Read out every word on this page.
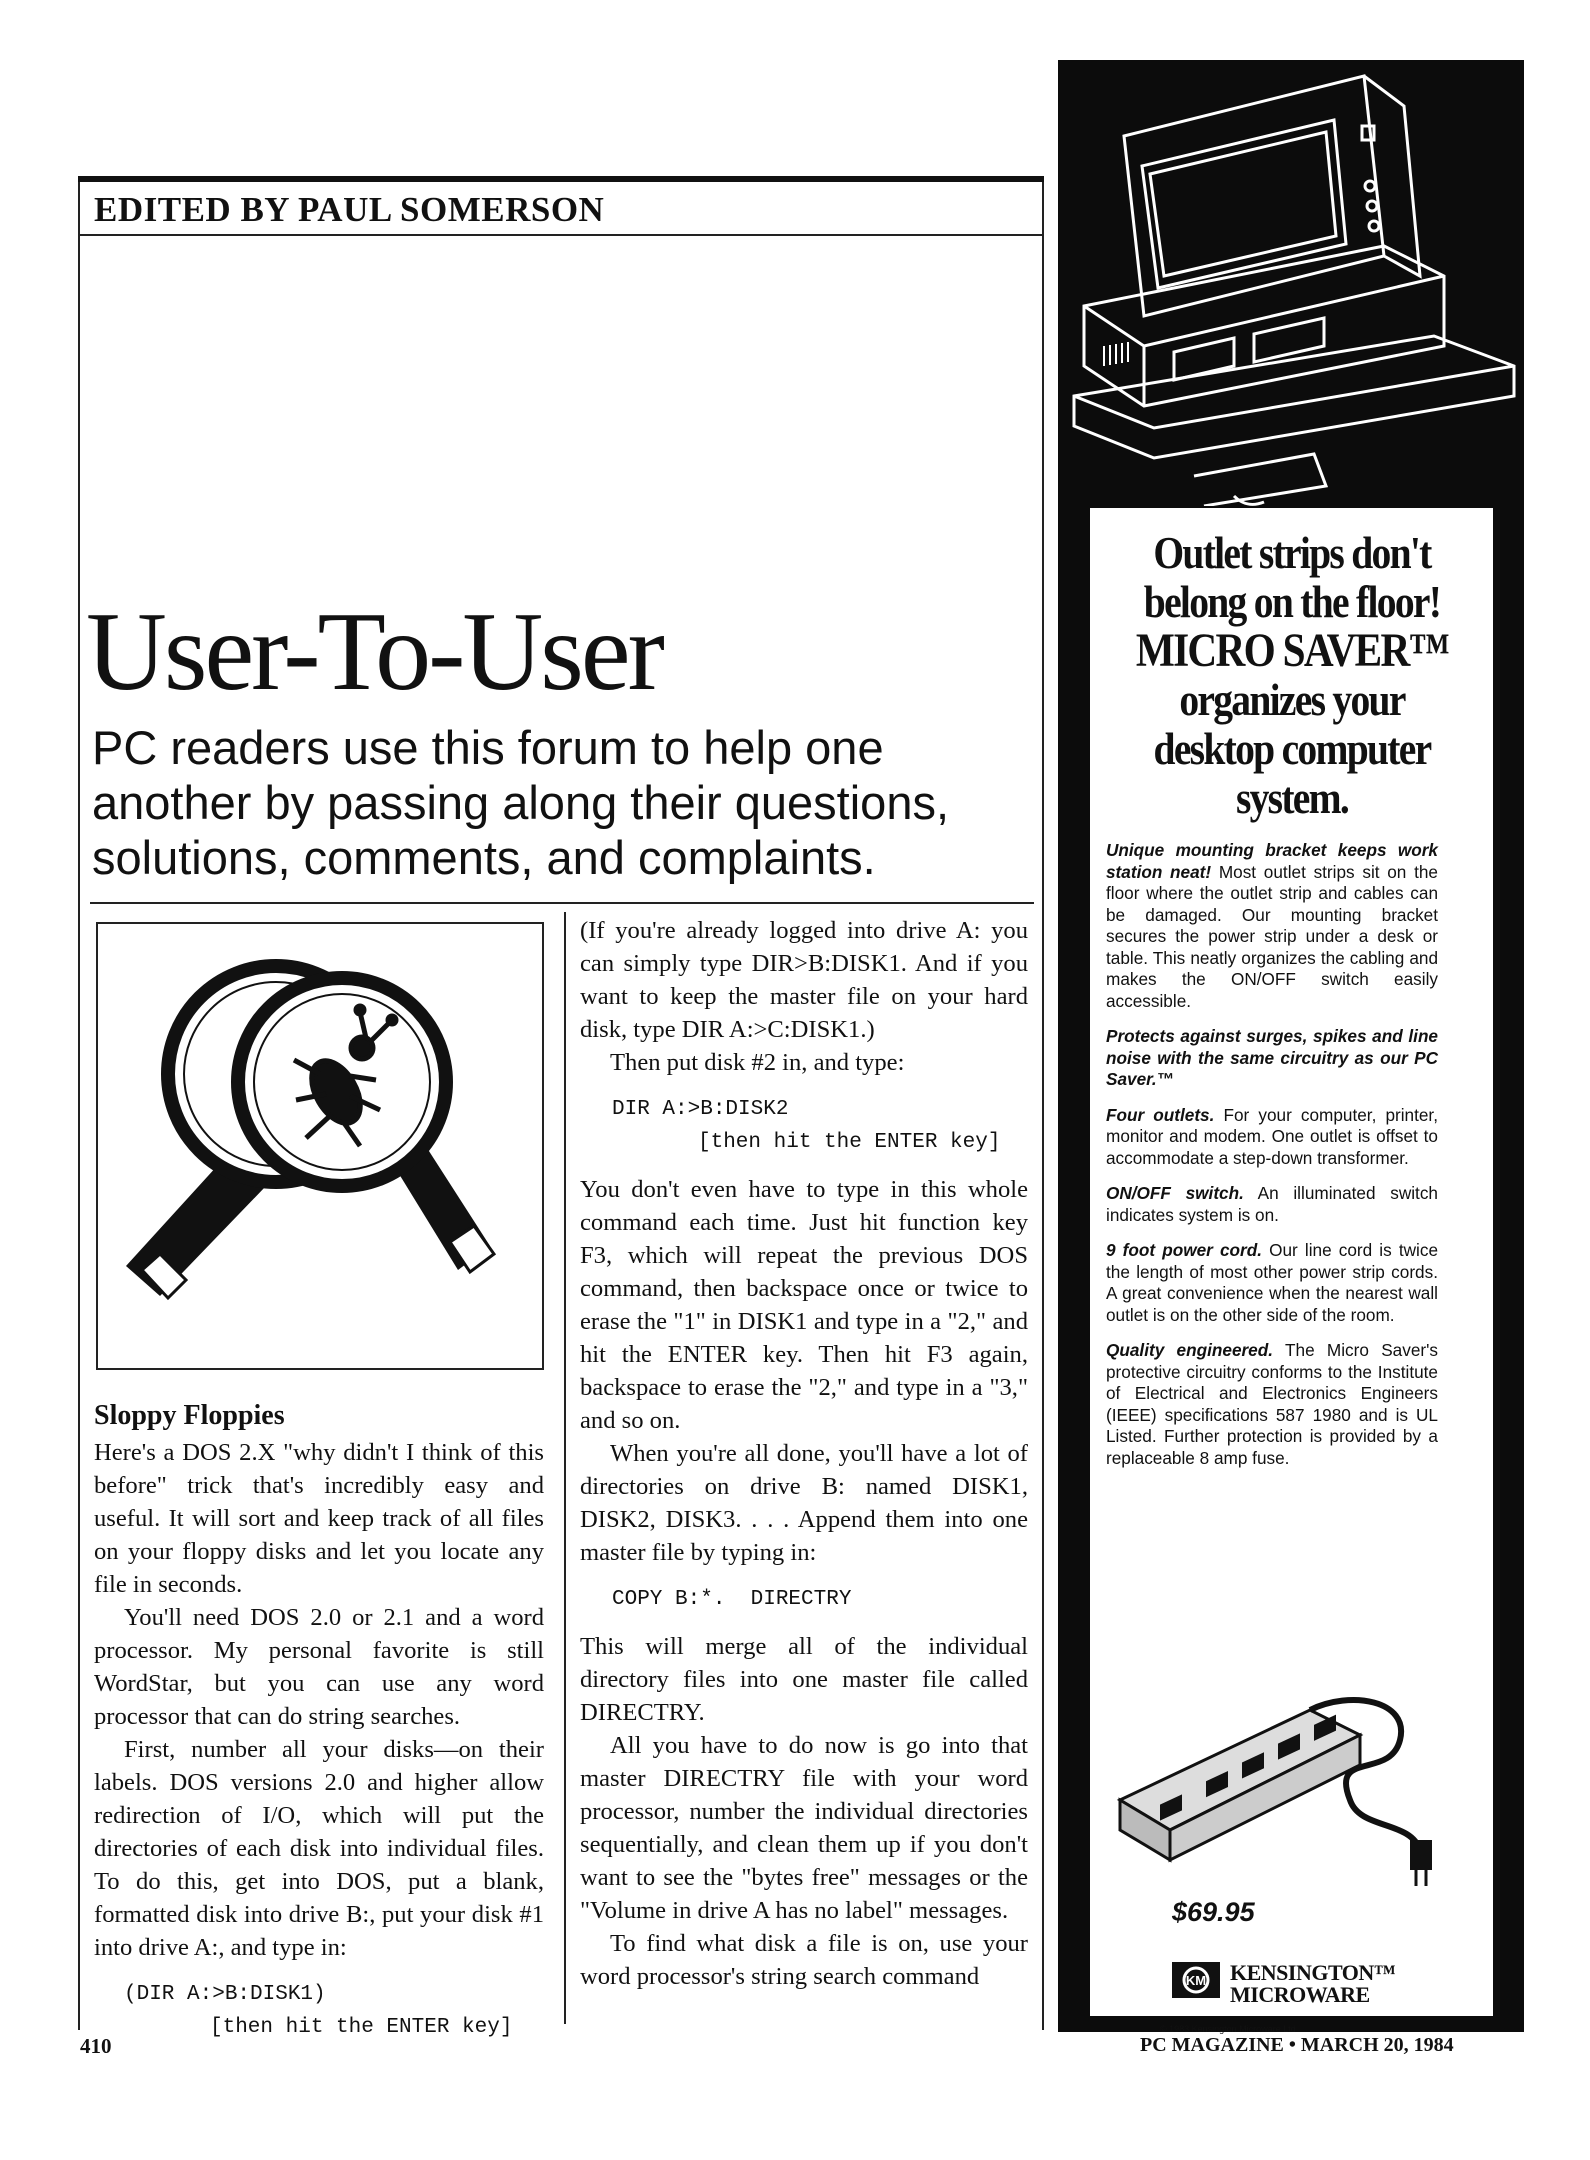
EDITED BY PAUL SOMERSON
User-To-User
PC readers use this forum to help one another by passing along their questions, solutions, comments, and complaints.
Sloppy Floppies

Here's a DOS 2.X "why didn't I think of this before" trick that's incredibly easy and useful. It will sort and keep track of all files on your floppy disks and let you locate any file in seconds.

You'll need DOS 2.0 or 2.1 and a word processor. My personal favorite is still WordStar, but you can use any word processor that can do string searches.

First, number all your disks—on their labels. DOS versions 2.0 and higher allow redirection of I/O, which will put the directories of each disk into individual files. To do this, get into DOS, put a blank, formatted disk into drive B:, put your disk #1 into drive A:, and type in:

(DIR A:>B:DISK1)
[then hit the ENTER key]

(If you're already logged into drive A: you can simply type DIR>B:DISK1. And if you want to keep the master file on your hard disk, type DIR A:>C:DISK1.)

Then put disk #2 in, and type:

DIR A:>B:DISK2
[then hit the ENTER key]

You don't even have to type in this whole command each time. Just hit function key F3, which will repeat the previous DOS command, then backspace once or twice to erase the "1" in DISK1 and type in a "2," and hit the ENTER key. Then hit F3 again, backspace to erase the "2," and type in a "3," and so on.

When you're all done, you'll have a lot of directories on drive B: named DISK1, DISK2, DISK3. . . . Append them into one master file by typing in:

COPY B:*.  DIRECTRY

This will merge all of the individual directory files into one master file called DIRECTRY.

All you have to do now is go into that master DIRECTRY file with your word processor, number the individual directories sequentially, and clean them up if you don't want to see the "bytes free" messages or the "Volume in drive A has no label" messages.

To find what disk a file is on, use your word processor's string search command

Outlet strips don't belong on the floor!
MICRO SAVER™
organizes your desktop computer system.

Unique mounting bracket keeps work station neat! Most outlet strips sit on the floor where the outlet strip and cables can be damaged. Our mounting bracket secures the power strip under a desk or table. This neatly organizes the cabling and makes the ON/OFF switch easily accessible.

Protects against surges, spikes and line noise with the same circuitry as our PC Saver.™

Four outlets. For your computer, printer, monitor and modem. One outlet is offset to accommodate a step-down transformer.

ON/OFF switch. An illuminated switch indicates system is on.

9 foot power cord. Our line cord is twice the length of most other power strip cords. A great convenience when the nearest wall outlet is on the other side of the room.

Quality engineered. The Micro Saver's protective circuitry conforms to the Institute of Electrical and Electronics Engineers (IEEE) specifications 587 1980 and is UL Listed. Further protection is provided by a replaceable 8 amp fuse.

$69.95
KM KENSINGTON™
MICROWARE
© 1983 Kensington Microware Ltd
410	PC MAGAZINE • MARCH 20, 1984
